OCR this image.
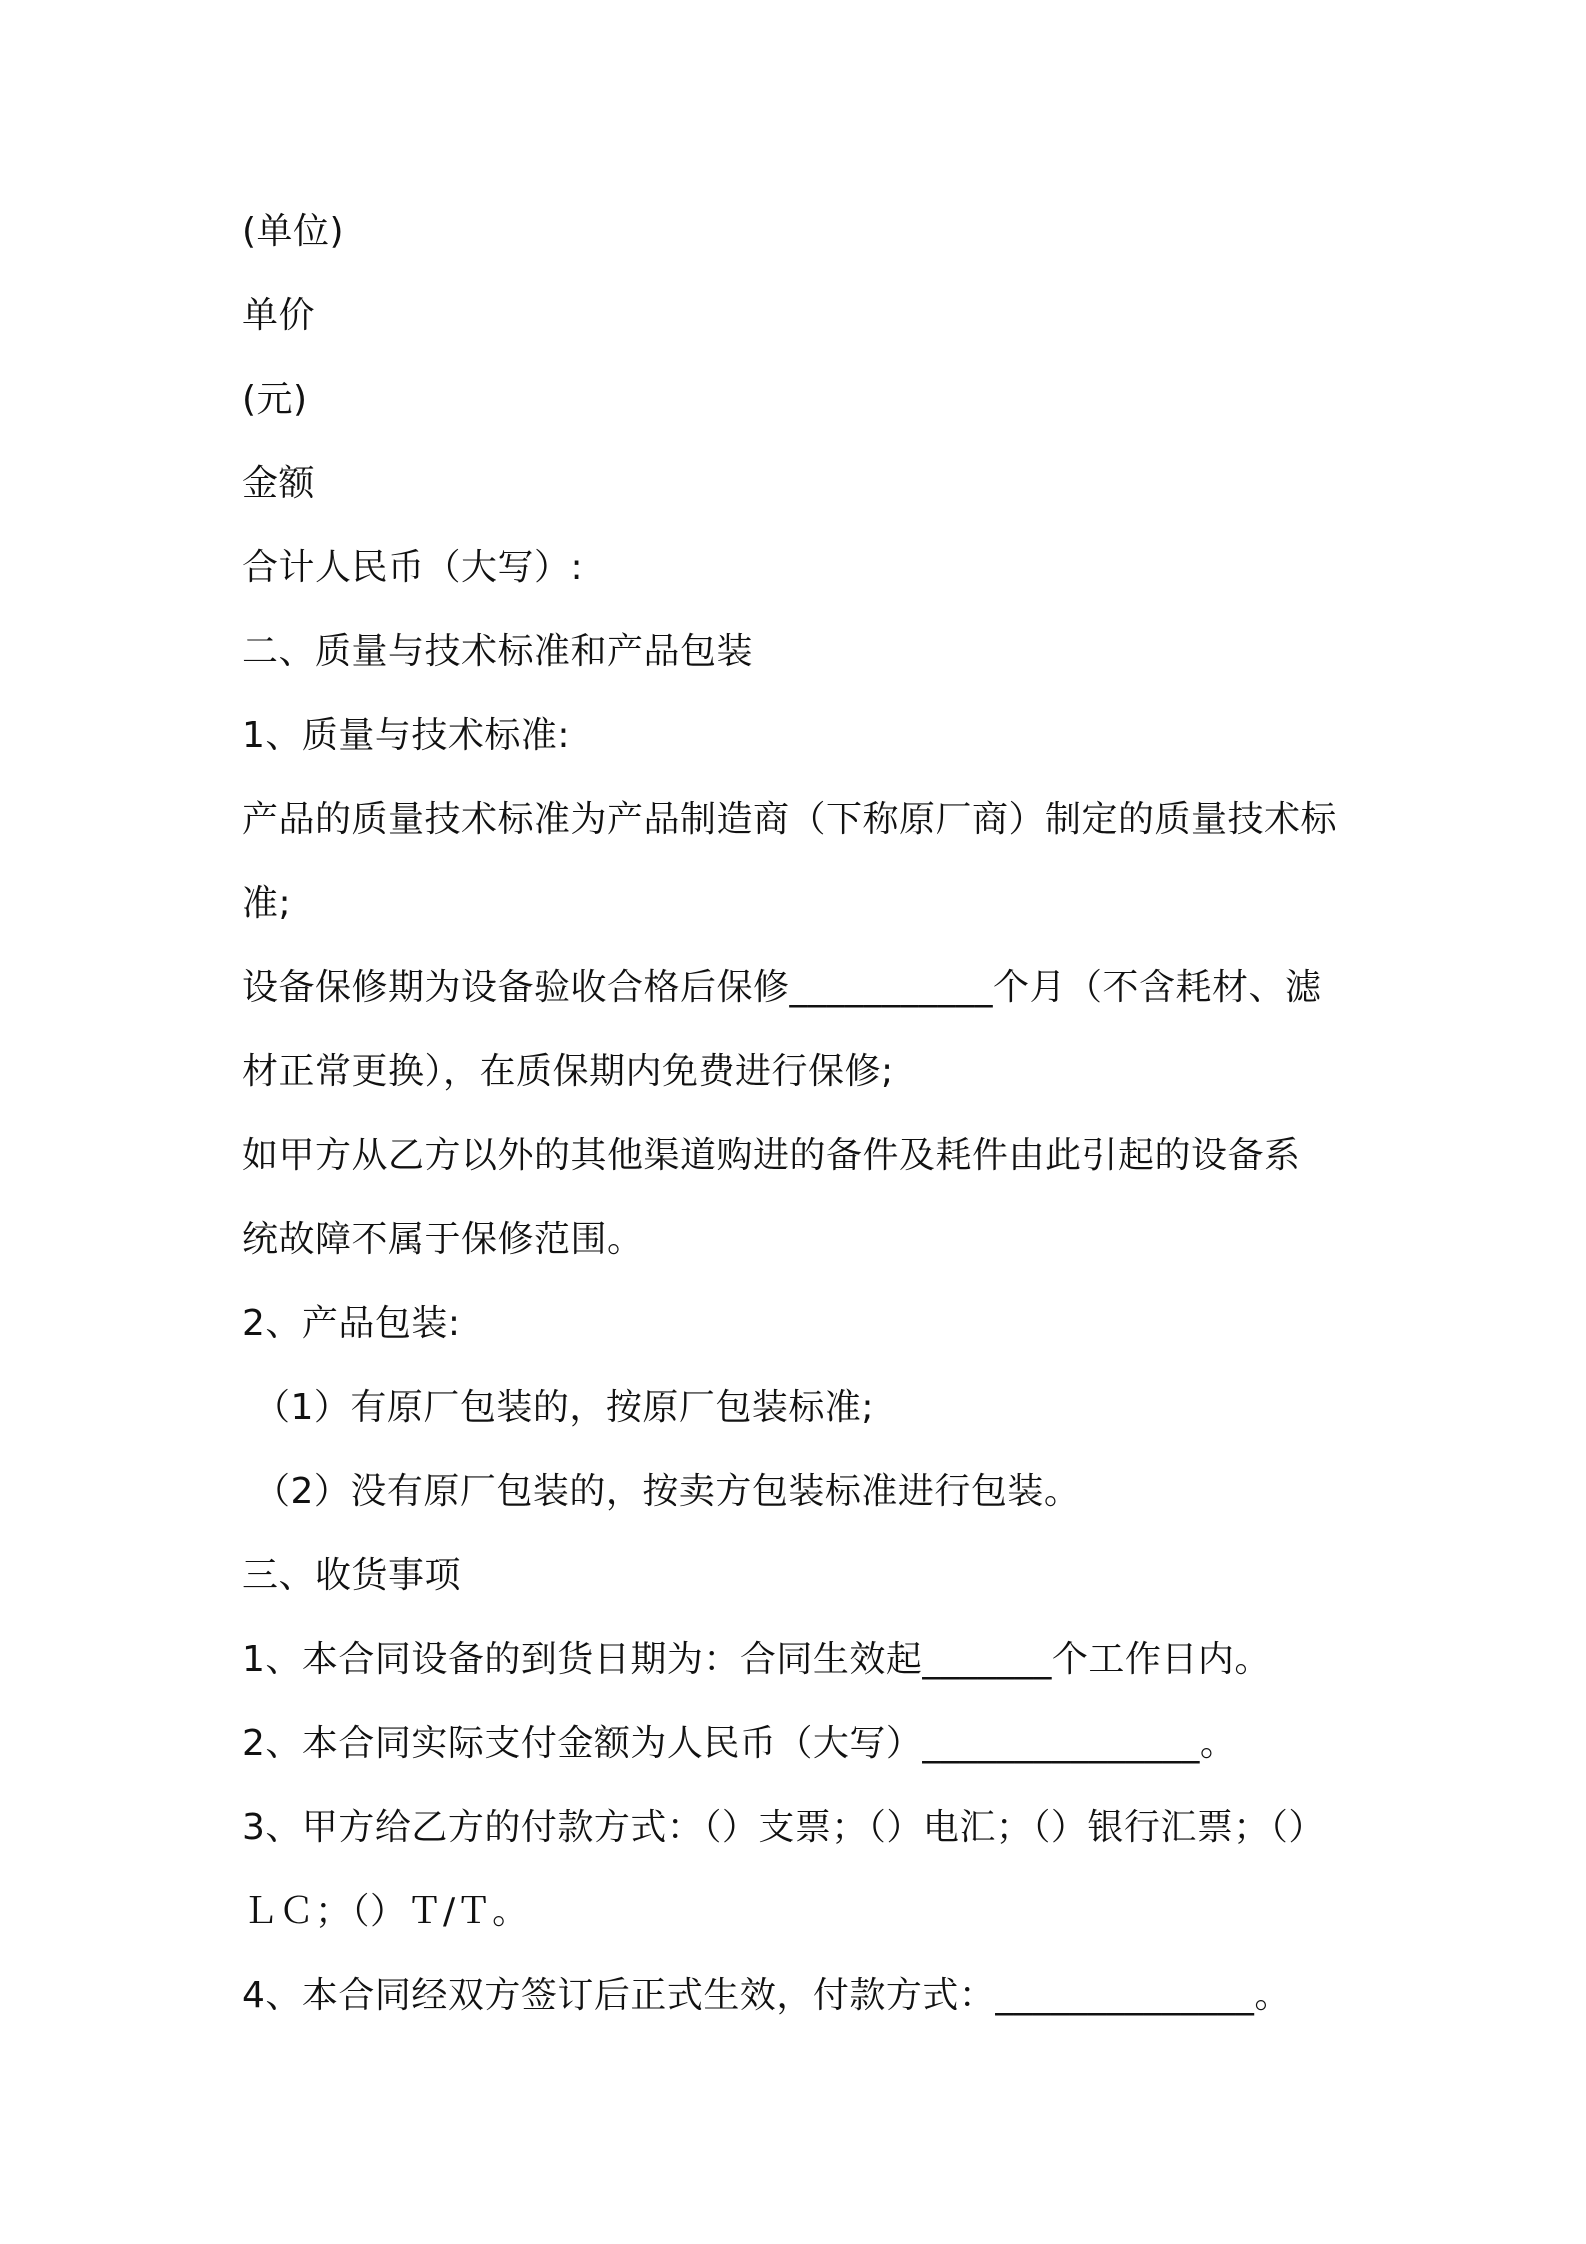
(单位)
单价
(元)
金额
合计人民币（大写）:
二、质量与技术标准和产品包装
1、质量与技术标准:
产品的质量技术标准为产品制造商（下称原厂商）制定的质量技术标
准;
设备保修期为设备验收合格后保修___________个月（不含耗材、滤
材正常更换），在质保期内免费进行保修;
如甲方从乙方以外的其他渠道购进的备件及耗件由此引起的设备系
统故障不属于保修范围。
2、产品包装:
（1）有原厂包装的，按原厂包装标准;
（2）没有原厂包装的，按卖方包装标准进行包装。
三、收货事项
1、本合同设备的到货日期为：合同生效起_______个工作日内。
2、本合同实际支付金额为人民币（大写）_______________。
3、甲方给乙方的付款方式：（）支票；（）电汇；（）银行汇票；（）
ＬＣ；（）Ｔ/Ｔ。
4、本合同经双方签订后正式生效，付款方式：______________。
